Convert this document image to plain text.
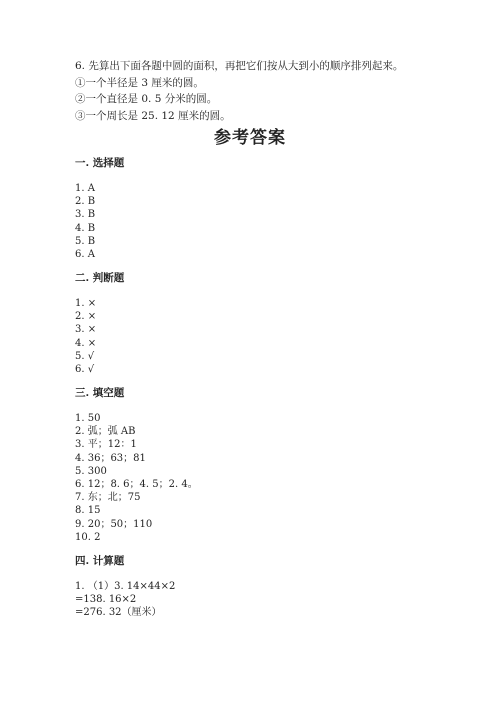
6. 先算出下面各题中圆的面积，再把它们按从大到小的顺序排列起来。
①一个半径是 3 厘米的圆。
②一个直径是 0. 5 分米的圆。
③一个周长是 25. 12 厘米的圆。
参考答案
一. 选择题
1. A
2. B
3. B
4. B
5. B
6. A
二. 判断题
1. ×
2. ×
3. ×
4. ×
5. √
6. √
三. 填空题
1. 50
2. 弧；弧 AB
3. 平；12：1
4. 36；63；81
5. 300
6. 12；8. 6；4. 5；2. 4。
7. 东；北；75
8. 15
9. 20；50；110
10. 2
四. 计算题
1. （1）3. 14×44×2
=138. 16×2
=276. 32（厘米）
